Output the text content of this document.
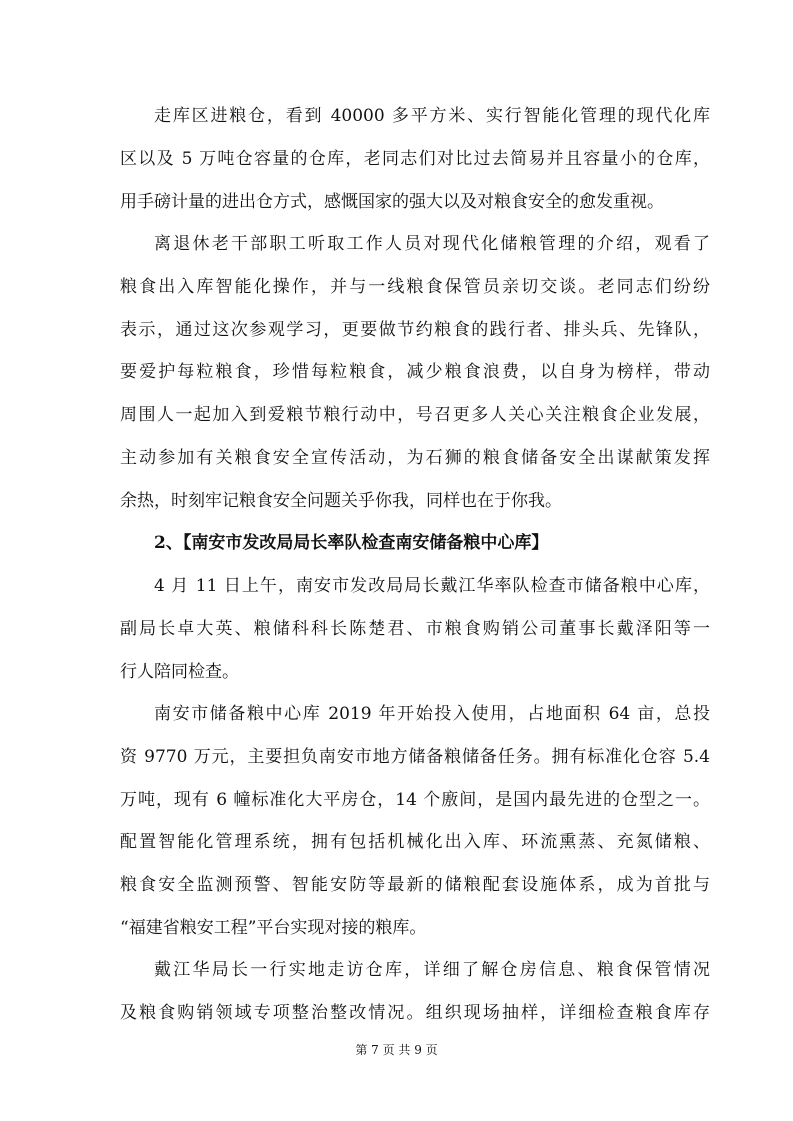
走库区进粮仓，看到 40000 多平方米、实行智能化管理的现代化库
区以及 5 万吨仓容量的仓库，老同志们对比过去简易并且容量小的仓库，
用手磅计量的进出仓方式，感慨国家的强大以及对粮食安全的愈发重视。
离退休老干部职工听取工作人员对现代化储粮管理的介绍，观看了
粮食出入库智能化操作，并与一线粮食保管员亲切交谈。老同志们纷纷
表示，通过这次参观学习，更要做节约粮食的践行者、排头兵、先锋队，
要爱护每粒粮食，珍惜每粒粮食，减少粮食浪费，以自身为榜样，带动
周围人一起加入到爱粮节粮行动中，号召更多人关心关注粮食企业发展，
主动参加有关粮食安全宣传活动，为石狮的粮食储备安全出谋献策发挥
余热，时刻牢记粮食安全问题关乎你我，同样也在于你我。
2、【南安市发改局局长率队检查南安储备粮中心库】
4 月 11 日上午，南安市发改局局长戴江华率队检查市储备粮中心库，
副局长卓大英、粮储科科长陈楚君、市粮食购销公司董事长戴泽阳等一
行人陪同检查。
南安市储备粮中心库 2019 年开始投入使用，占地面积 64 亩，总投
资 9770 万元，主要担负南安市地方储备粮储备任务。拥有标准化仓容 5.4
万吨，现有 6 幢标准化大平房仓，14 个廒间，是国内最先进的仓型之一。
配置智能化管理系统，拥有包括机械化出入库、环流熏蒸、充氮储粮、
粮食安全监测预警、智能安防等最新的储粮配套设施体系，成为首批与
“福建省粮安工程”平台实现对接的粮库。
戴江华局长一行实地走访仓库，详细了解仓房信息、粮食保管情况
及粮食购销领域专项整治整改情况。组织现场抽样，详细检查粮食库存
第 7 页 共 9 页
